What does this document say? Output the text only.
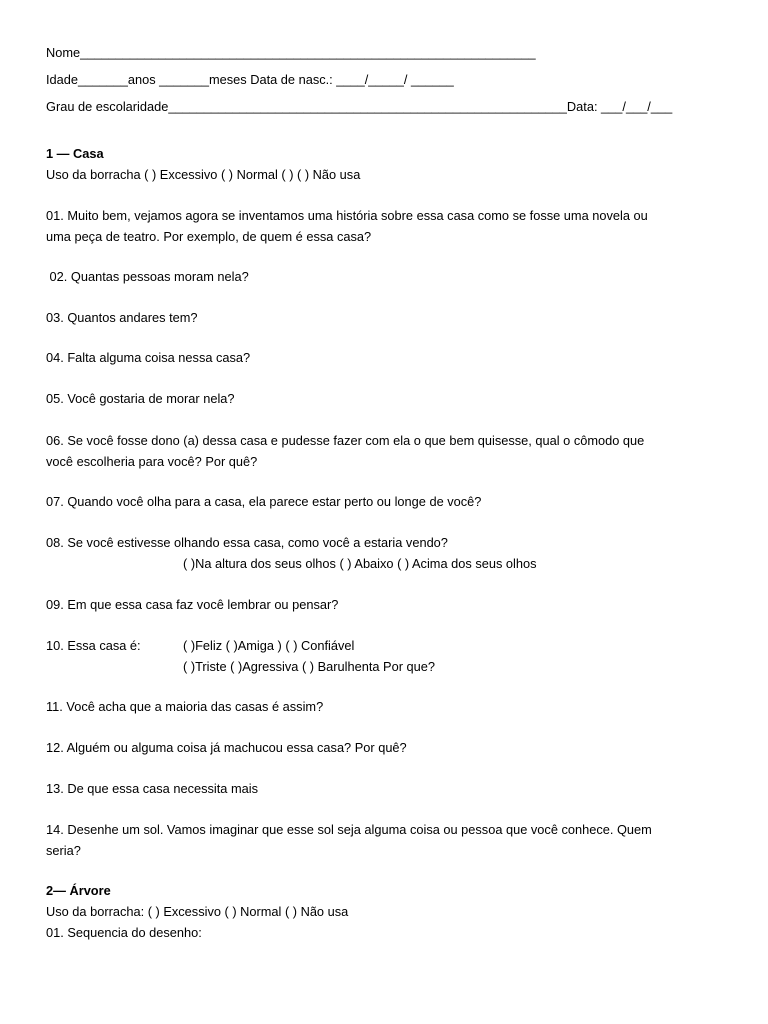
Nome________________________________________________________________
Idade_______anos _______meses Data de nasc.: ____/_____/ ______
Grau de escolaridade________________________________________________________Data: ___/___/___
1 — Casa
Uso da borracha ( ) Excessivo ( ) Normal ( ) ( ) Não usa
01. Muito bem, vejamos agora se inventamos uma história sobre essa casa como se fosse uma novela ou
uma peça de teatro. Por exemplo, de quem é essa casa?
02. Quantas pessoas moram nela?
03. Quantos andares tem?
04. Falta alguma coisa nessa casa?
05. Você gostaria de morar nela?
06. Se você fosse dono (a) dessa casa e pudesse fazer com ela o que bem quisesse, qual o cômodo que
você escolheria para você? Por quê?
07. Quando você olha para a casa, ela parece estar perto ou longe de você?
08. Se você estivesse olhando essa casa, como você a estaria vendo?
( )Na altura dos seus olhos ( ) Abaixo ( ) Acima dos seus olhos
09. Em que essa casa faz você lembrar ou pensar?
10. Essa casa é:	( )Feliz ( )Amiga ) ( ) Confiável
( )Triste ( )Agressiva ( ) Barulhenta Por que?
11. Você acha que a maioria das casas é assim?
12. Alguém ou alguma coisa já machucou essa casa? Por quê?
13. De que essa casa necessita mais
14. Desenhe um sol. Vamos imaginar que esse sol seja alguma coisa ou pessoa que você conhece. Quem
seria?
2— Árvore
Uso da borracha: ( ) Excessivo ( ) Normal ( ) Não usa
01. Sequencia do desenho:
